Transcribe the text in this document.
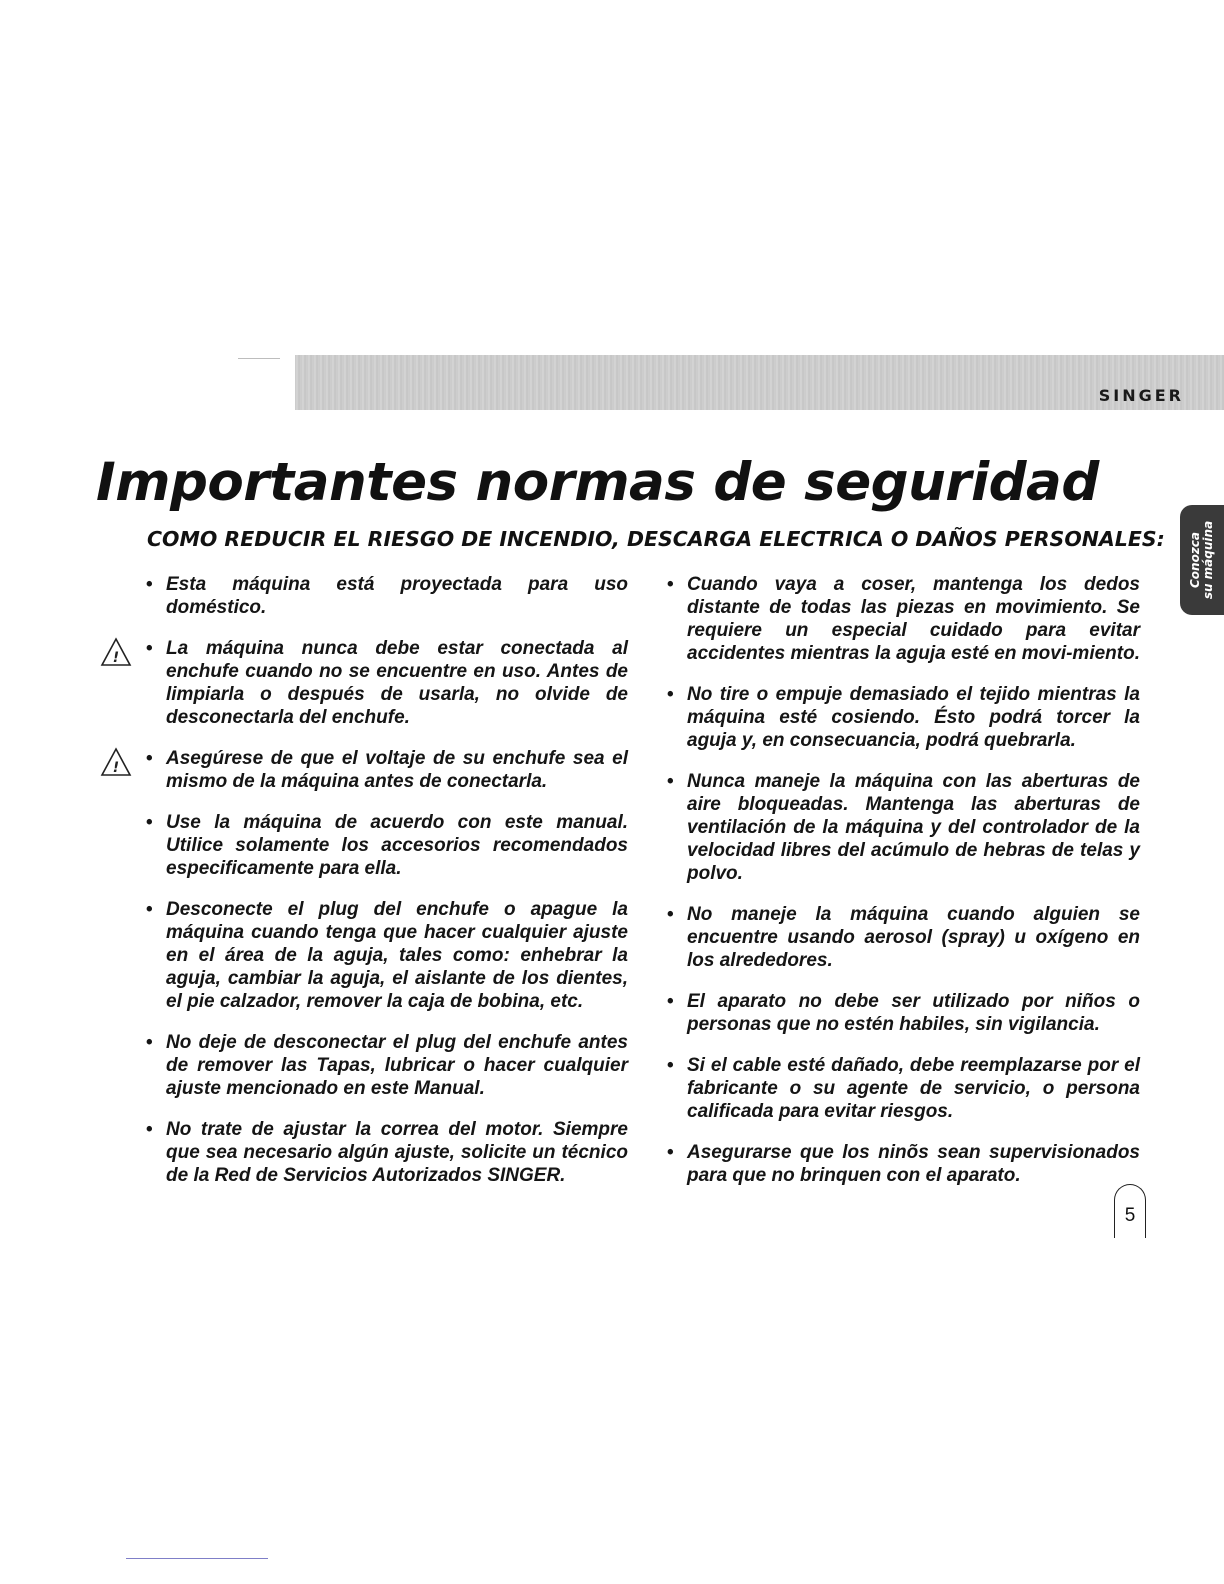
SINGER
Conozca su máquina
Importantes normas de seguridad
COMO REDUCIR EL RIESGO DE INCENDIO, DESCARGA ELECTRICA O DAÑOS PERSONALES:
• Esta máquina está proyectada para uso doméstico.
! • La máquina nunca debe estar conectada al enchufe cuando no se encuentre en uso. Antes de limpiarla o después de usarla, no olvide de desconectarla del enchufe.
! • Asegúrese de que el voltaje de su enchufe sea el mismo de la máquina antes de conectarla.
• Use la máquina de acuerdo con este manual. Utilice solamente los accesorios recomendados especificamente para ella.
• Desconecte el plug del enchufe o apague la máquina cuando tenga que hacer cualquier ajuste en el área de la aguja, tales como: enhebrar la aguja, cambiar la aguja, el aislante de los dientes, el pie calzador, remover la caja de bobina, etc.
• No deje de desconectar el plug del enchufe antes de remover las Tapas, lubricar o hacer cualquier ajuste mencionado en este Manual.
• No trate de ajustar la correa del motor. Siempre que sea necesario algún ajuste, solicite un técnico de la Red de Servicios Autorizados SINGER.
• Cuando vaya a coser, mantenga los dedos distante de todas las piezas en movimiento. Se requiere un especial cuidado para evitar accidentes mientras la aguja esté en movi-miento.
• No tire o empuje demasiado el tejido mientras la máquina esté cosiendo. Ésto podrá torcer la aguja y, en consecuancia, podrá quebrarla.
• Nunca maneje la máquina con las aberturas de aire bloqueadas. Mantenga las aberturas de ventilación de la máquina y del controlador de la velocidad libres del acúmulo de hebras de telas y polvo.
• No maneje la máquina cuando alguien se encuentre usando aerosol (spray) u oxígeno en los alrededores.
• El aparato no debe ser utilizado por niños o personas que no estén habiles, sin vigilancia.
• Si el cable esté dañado, debe reemplazarse por el fabricante o su agente de servicio, o persona calificada para evitar riesgos.
• Asegurarse que los ninõs sean supervisionados para que no brinquen con el aparato.
5
